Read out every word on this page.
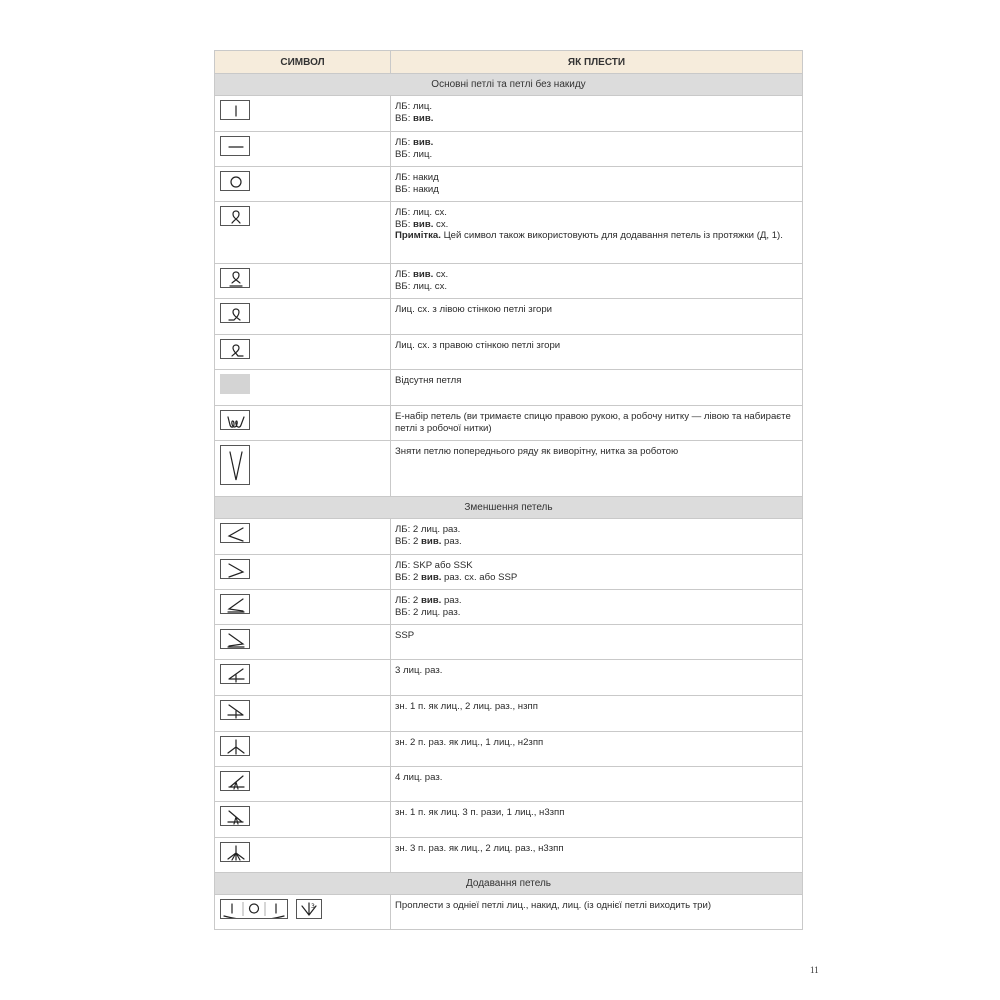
СИМВОЛ	ЯК ПЛЕСТИ
Основні петлі та петлі без накиду	

ЛБ: лиц.
ВБ: вив.

ЛБ: вив.
ВБ: лиц.

ЛБ: накид
ВБ: накид

ЛБ: лиц. сх.
ВБ: вив. сх.
Примітка. Цей символ також використовують для додавання петель із протяжки (Д, 1).

ЛБ: вив. сх.
ВБ: лиц. сх.

Лиц. сх. з лівою стінкою петлі згори

Лиц. сх. з правою стінкою петлі згори

	Відсутня петля

Е-набір петель (ви тримаєте спицю правою рукою, а робочу нитку — лівою та набираєте петлі з робочої нитки)

Зняти петлю попереднього ряду як виворітну, нитка за роботою

Зменшення петель	

ЛБ: 2 лиц. раз.
ВБ: 2 вив. раз.

ЛБ: SKP або SSK
ВБ: 2 вив. раз. сх. або SSP

ЛБ: 2 вив. раз.
ВБ: 2 лиц. раз.

SSP

3 лиц. раз.

зн. 1 п. як лиц., 2 лиц. раз., нзпп

зн. 2 п. раз. як лиц., 1 лиц., н2зпп

4 лиц. раз.

зн. 1 п. як лиц. 3 п. рази, 1 лиц., н3зпп

зн. 3 п. раз. як лиц., 2 лиц. раз., н3зпп

Додавання петель	

3	Проплести з одніеї петлі лиц., накид, лиц. (із однієї петлі виходить три)
11
